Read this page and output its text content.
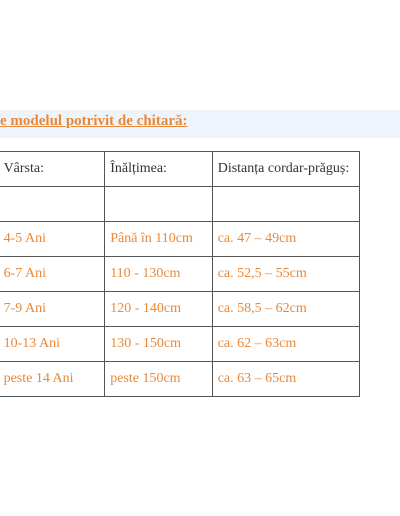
e modelul potrivit de chitară:
	Vârsta:	Înălțimea:	Distanța cordar-prăguș:

	4-5 Ani	Până în 110cm	ca. 47 – 49cm
	6-7 Ani	110 - 130cm	ca. 52,5 – 55cm
	7-9 Ani	120 - 140cm	ca. 58,5 – 62cm
	10-13 Ani	130 - 150cm	ca. 62 – 63cm
	peste 14 Ani	peste 150cm	ca. 63 – 65cm
